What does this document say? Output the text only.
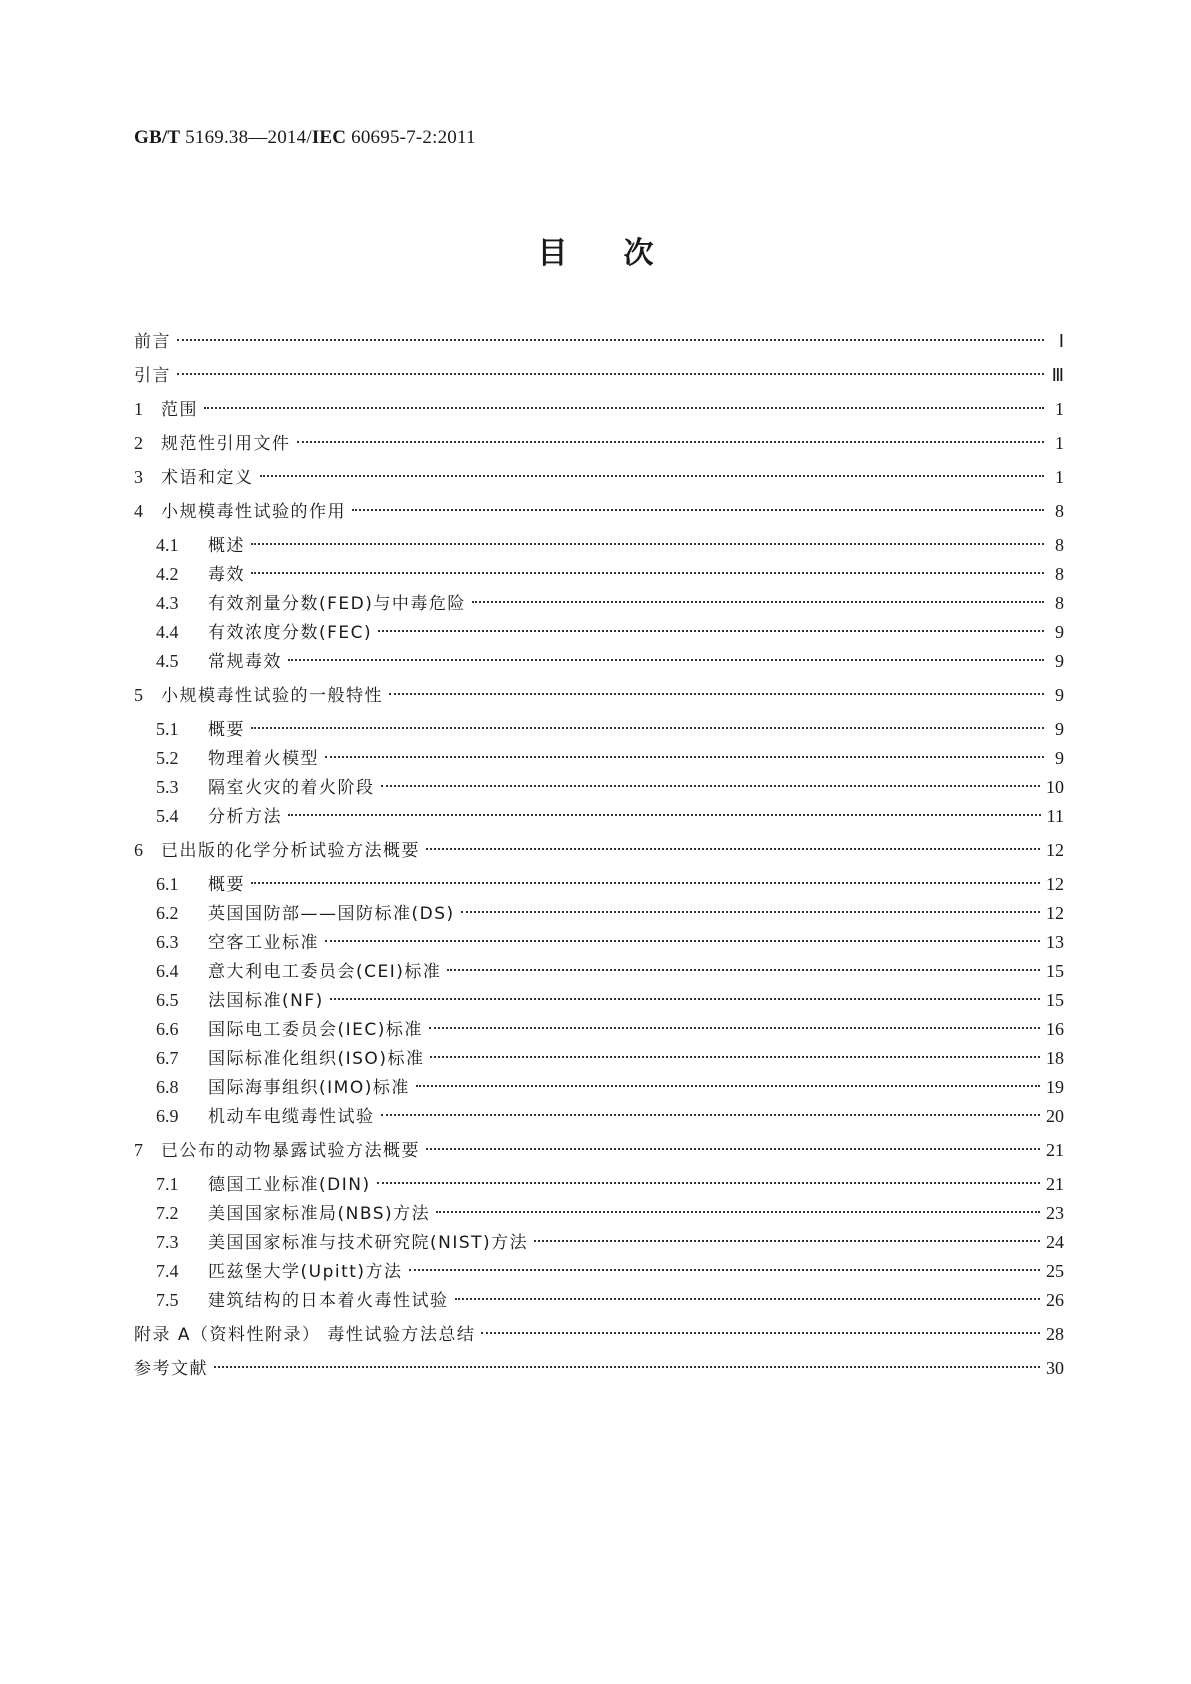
GB/T 5169.38—2014/IEC 60695-7-2:2011
目次
前言	Ⅰ
引言	Ⅲ
1 范围	1
2 规范性引用文件	1
3 术语和定义	1
4 小规模毒性试验的作用	8
4.1	概述	8
4.2	毒效	8
4.3	有效剂量分数(FED)与中毒危险	8
4.4	有效浓度分数(FEC)	9
4.5	常规毒效	9
5 小规模毒性试验的一般特性	9
5.1	概要	9
5.2	物理着火模型	9
5.3	隔室火灾的着火阶段	10
5.4	分析方法	11
6 已出版的化学分析试验方法概要	12
6.1	概要	12
6.2	英国国防部——国防标准(DS)	12
6.3	空客工业标准	13
6.4	意大利电工委员会(CEI)标准	15
6.5	法国标准(NF)	15
6.6	国际电工委员会(IEC)标准	16
6.7	国际标准化组织(ISO)标准	18
6.8	国际海事组织(IMO)标准	19
6.9	机动车电缆毒性试验	20
7 已公布的动物暴露试验方法概要	21
7.1	德国工业标准(DIN)	21
7.2	美国国家标准局(NBS)方法	23
7.3	美国国家标准与技术研究院(NIST)方法	24
7.4	匹兹堡大学(Upitt)方法	25
7.5	建筑结构的日本着火毒性试验	26
附录 A（资料性附录） 毒性试验方法总结	28
参考文献	30
